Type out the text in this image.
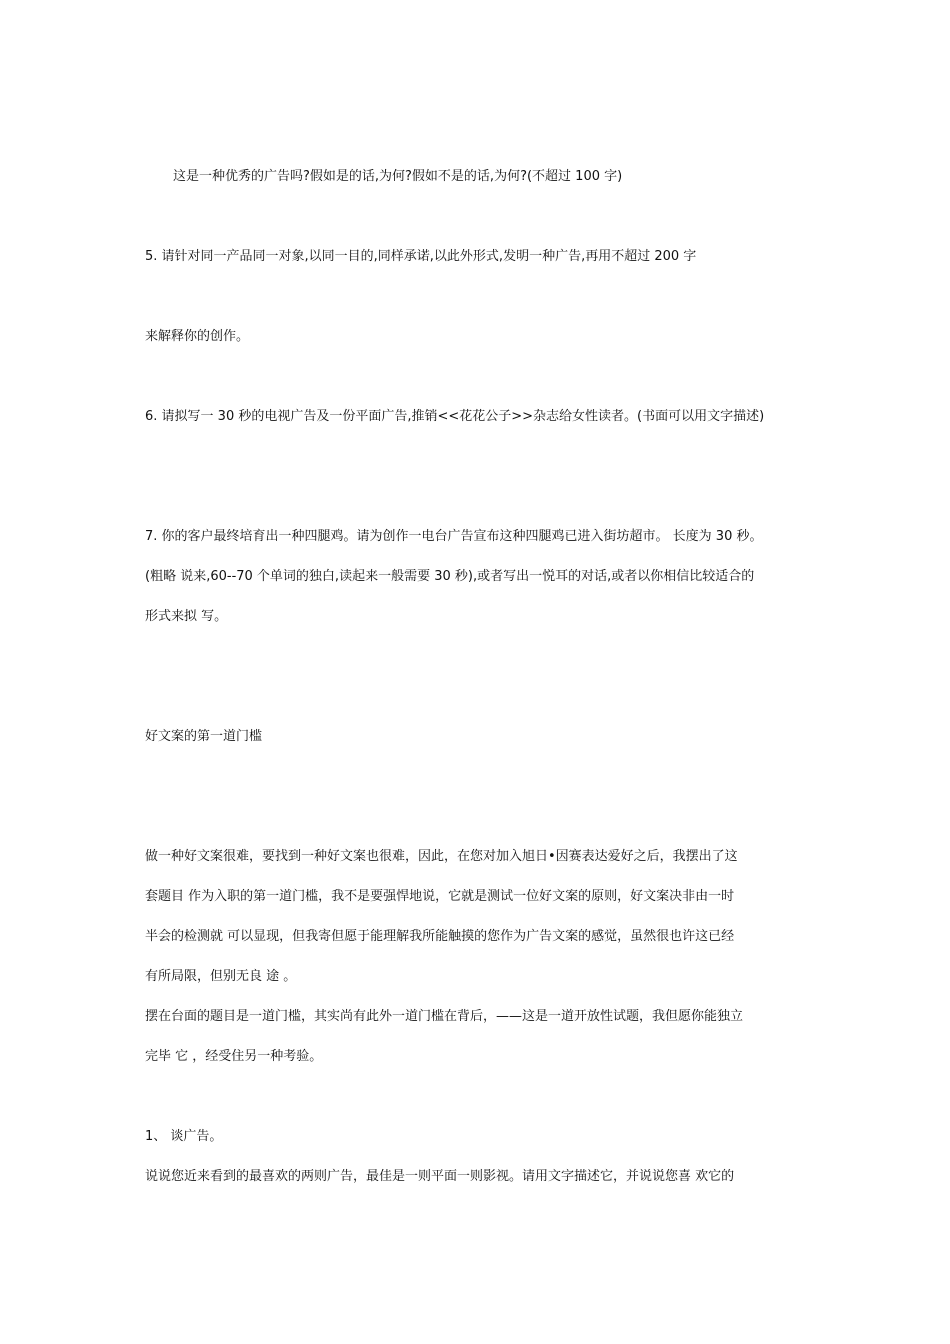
这是一种优秀的广告吗?假如是的话,为何?假如不是的话,为何?(不超过 100 字)

5. 请针对同一产品同一对象,以同一目的,同样承诺,以此外形式,发明一种广告,再用不超过 200 字

来解释你的创作。

6. 请拟写一 30 秒的电视广告及一份平面广告,推销<<花花公子>>杂志给女性读者。(书面可以用文字描述)

7. 你的客户最终培育出一种四腿鸡。请为创作一电台广告宣布这种四腿鸡已进入街坊超市。 长度为 30 秒。

(粗略 说来,60--70 个单词的独白,读起来一般需要 30 秒),或者写出一悦耳的对话,或者以你相信比较适合的

形式来拟 写。

好文案的第一道门槛

做一种好文案很难，要找到一种好文案也很难，因此，在您对加入旭日•因赛表达爱好之后，我摆出了这

套题目 作为入职的第一道门槛，我不是要强悍地说，它就是测试一位好文案的原则，好文案决非由一时

半会的检测就 可以显现，但我寄但愿于能理解我所能触摸的您作为广告文案的感觉，虽然很也许这已经

有所局限，但别无良 途 。

摆在台面的题目是一道门槛，其实尚有此外一道门槛在背后，——这是一道开放性试题，我但愿你能独立

完毕 它 ，经受住另一种考验。

1、 谈广告。

说说您近来看到的最喜欢的两则广告，最佳是一则平面一则影视。请用文字描述它，并说说您喜 欢它的
